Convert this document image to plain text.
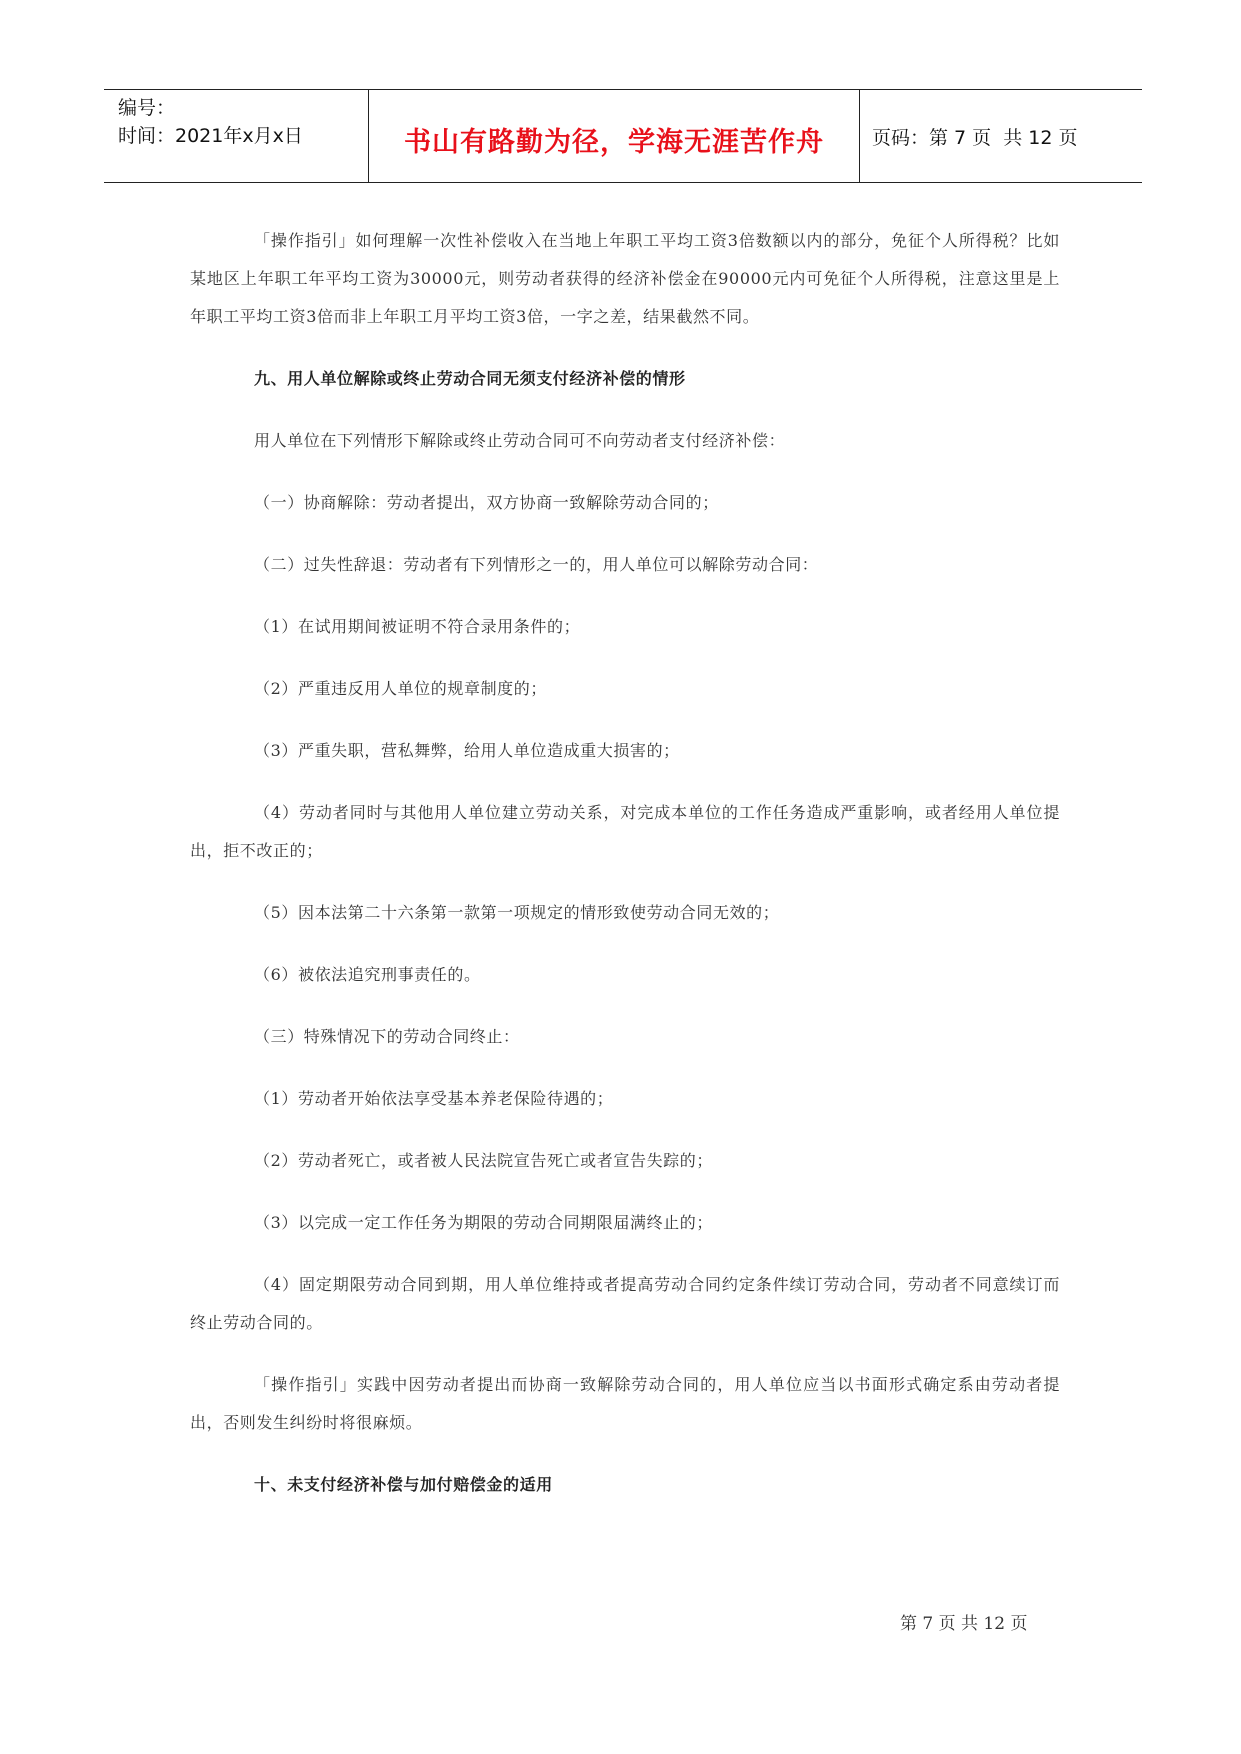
编号：
时间：2021年x月x日	书山有路勤为径，学海无涯苦作舟	页码：第 7 页  共 12 页

「操作指引」如何理解一次性补偿收入在当地上年职工平均工资3倍数额以内的部分，免征个人所得税？比如某地区上年职工年平均工资为30000元，则劳动者获得的经济补偿金在90000元内可免征个人所得税，注意这里是上年职工平均工资3倍而非上年职工月平均工资3倍，一字之差，结果截然不同。

九、用人单位解除或终止劳动合同无须支付经济补偿的情形

用人单位在下列情形下解除或终止劳动合同可不向劳动者支付经济补偿：

（一）协商解除：劳动者提出，双方协商一致解除劳动合同的；

（二）过失性辞退：劳动者有下列情形之一的，用人单位可以解除劳动合同：

（1）在试用期间被证明不符合录用条件的；

（2）严重违反用人单位的规章制度的；

（3）严重失职，营私舞弊，给用人单位造成重大损害的；

（4）劳动者同时与其他用人单位建立劳动关系，对完成本单位的工作任务造成严重影响，或者经用人单位提出，拒不改正的；

（5）因本法第二十六条第一款第一项规定的情形致使劳动合同无效的；

（6）被依法追究刑事责任的。

（三）特殊情况下的劳动合同终止：

（1）劳动者开始依法享受基本养老保险待遇的；

（2）劳动者死亡，或者被人民法院宣告死亡或者宣告失踪的；

（3）以完成一定工作任务为期限的劳动合同期限届满终止的；

（4）固定期限劳动合同到期，用人单位维持或者提高劳动合同约定条件续订劳动合同，劳动者不同意续订而终止劳动合同的。

「操作指引」实践中因劳动者提出而协商一致解除劳动合同的，用人单位应当以书面形式确定系由劳动者提出，否则发生纠纷时将很麻烦。

十、未支付经济补偿与加付赔偿金的适用

第 7 页 共 12 页
